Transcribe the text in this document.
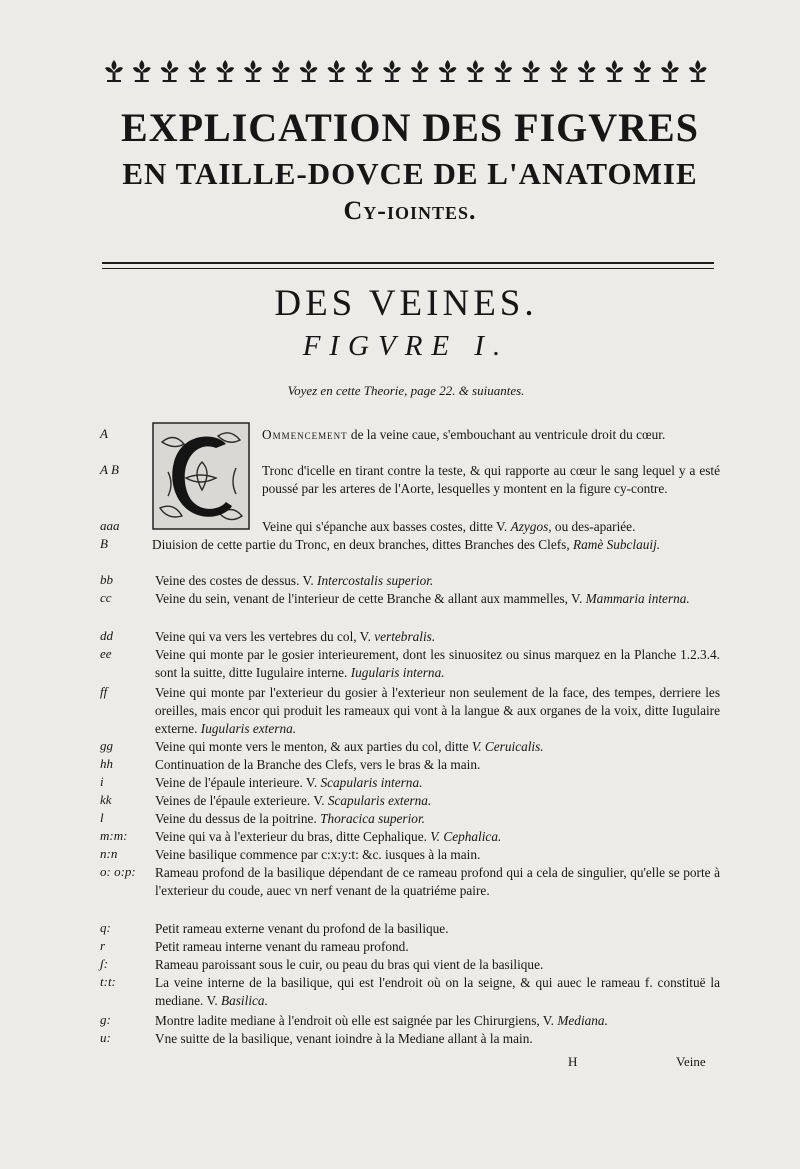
EXPLICATION DES FIGVRES
EN TAILLE-DOVCE DE L'ANATOMIE
Cy-iointes.
DES VEINES.
FIGVRE I.
Voyez en cette Theorie, page 22. & suiuantes.
A	Ommencement de la veine caue, s'embouchant au ventricule droit du cœur.
A B	Tronc d'icelle en tirant contre la teste, & qui rapporte au cœur le sang lequel y a esté poussé par les arteres de l'Aorte, lesquelles y montent en la figure cy-contre.
aaa	Veine qui s'épanche aux basses costes, ditte V. Azygos, ou des-apariée.
B	Diuision de cette partie du Tronc, en deux branches, dittes Branches des Clefs, Ramè Subclauij.
bb	Veine des costes de dessus. V. Intercostalis superior.
cc	Veine du sein, venant de l'interieur de cette Branche & allant aux mammelles, V. Mammaria interna.
dd	Veine qui va vers les vertebres du col, V. vertebralis.
ee	Veine qui monte par le gosier interieurement, dont les sinuositez ou sinus marquez en la Planche 1.2.3.4. sont la suitte, ditte Iugulaire interne. Iugularis interna.
ff	Veine qui monte par l'exterieur du gosier à l'exterieur non seulement de la face, des tempes, derriere les oreilles, mais encor qui produit les rameaux qui vont à la langue & aux organes de la voix, ditte Iugulaire externe. Iugularis externa.
gg	Veine qui monte vers le menton, & aux parties du col, ditte V. Ceruicalis.
hh	Continuation de la Branche des Clefs, vers le bras & la main.
i	Veine de l'épaule interieure. V. Scapularis interna.
kk	Veines de l'épaule exterieure. V. Scapularis externa.
l	Veine du dessus de la poitrine. Thoracica superior.
m:m:	Veine qui va à l'exterieur du bras, ditte Cephalique. V. Cephalica.
n:n	Veine basilique commence par c:x:y:t: &c. iusques à la main.
o: o:p:	Rameau profond de la basilique dépendant de ce rameau profond qui a cela de singulier, qu'elle se porte à l'exterieur du coude, auec vn nerf venant de la quatriéme paire.
q:	Petit rameau externe venant du profond de la basilique.
r	Petit rameau interne venant du rameau profond.
ʃ:	Rameau paroissant sous le cuir, ou peau du bras qui vient de la basilique.
t:t:	La veine interne de la basilique, qui est l'endroit où on la seigne, & qui auec le rameau f. constituë la mediane. V. Basilica.
g:	Montre ladite mediane à l'endroit où elle est saignée par les Chirurgiens, V. Mediana.
u:	Vne suitte de la basilique, venant ioindre à la Mediane allant à la main.
H	Veine
